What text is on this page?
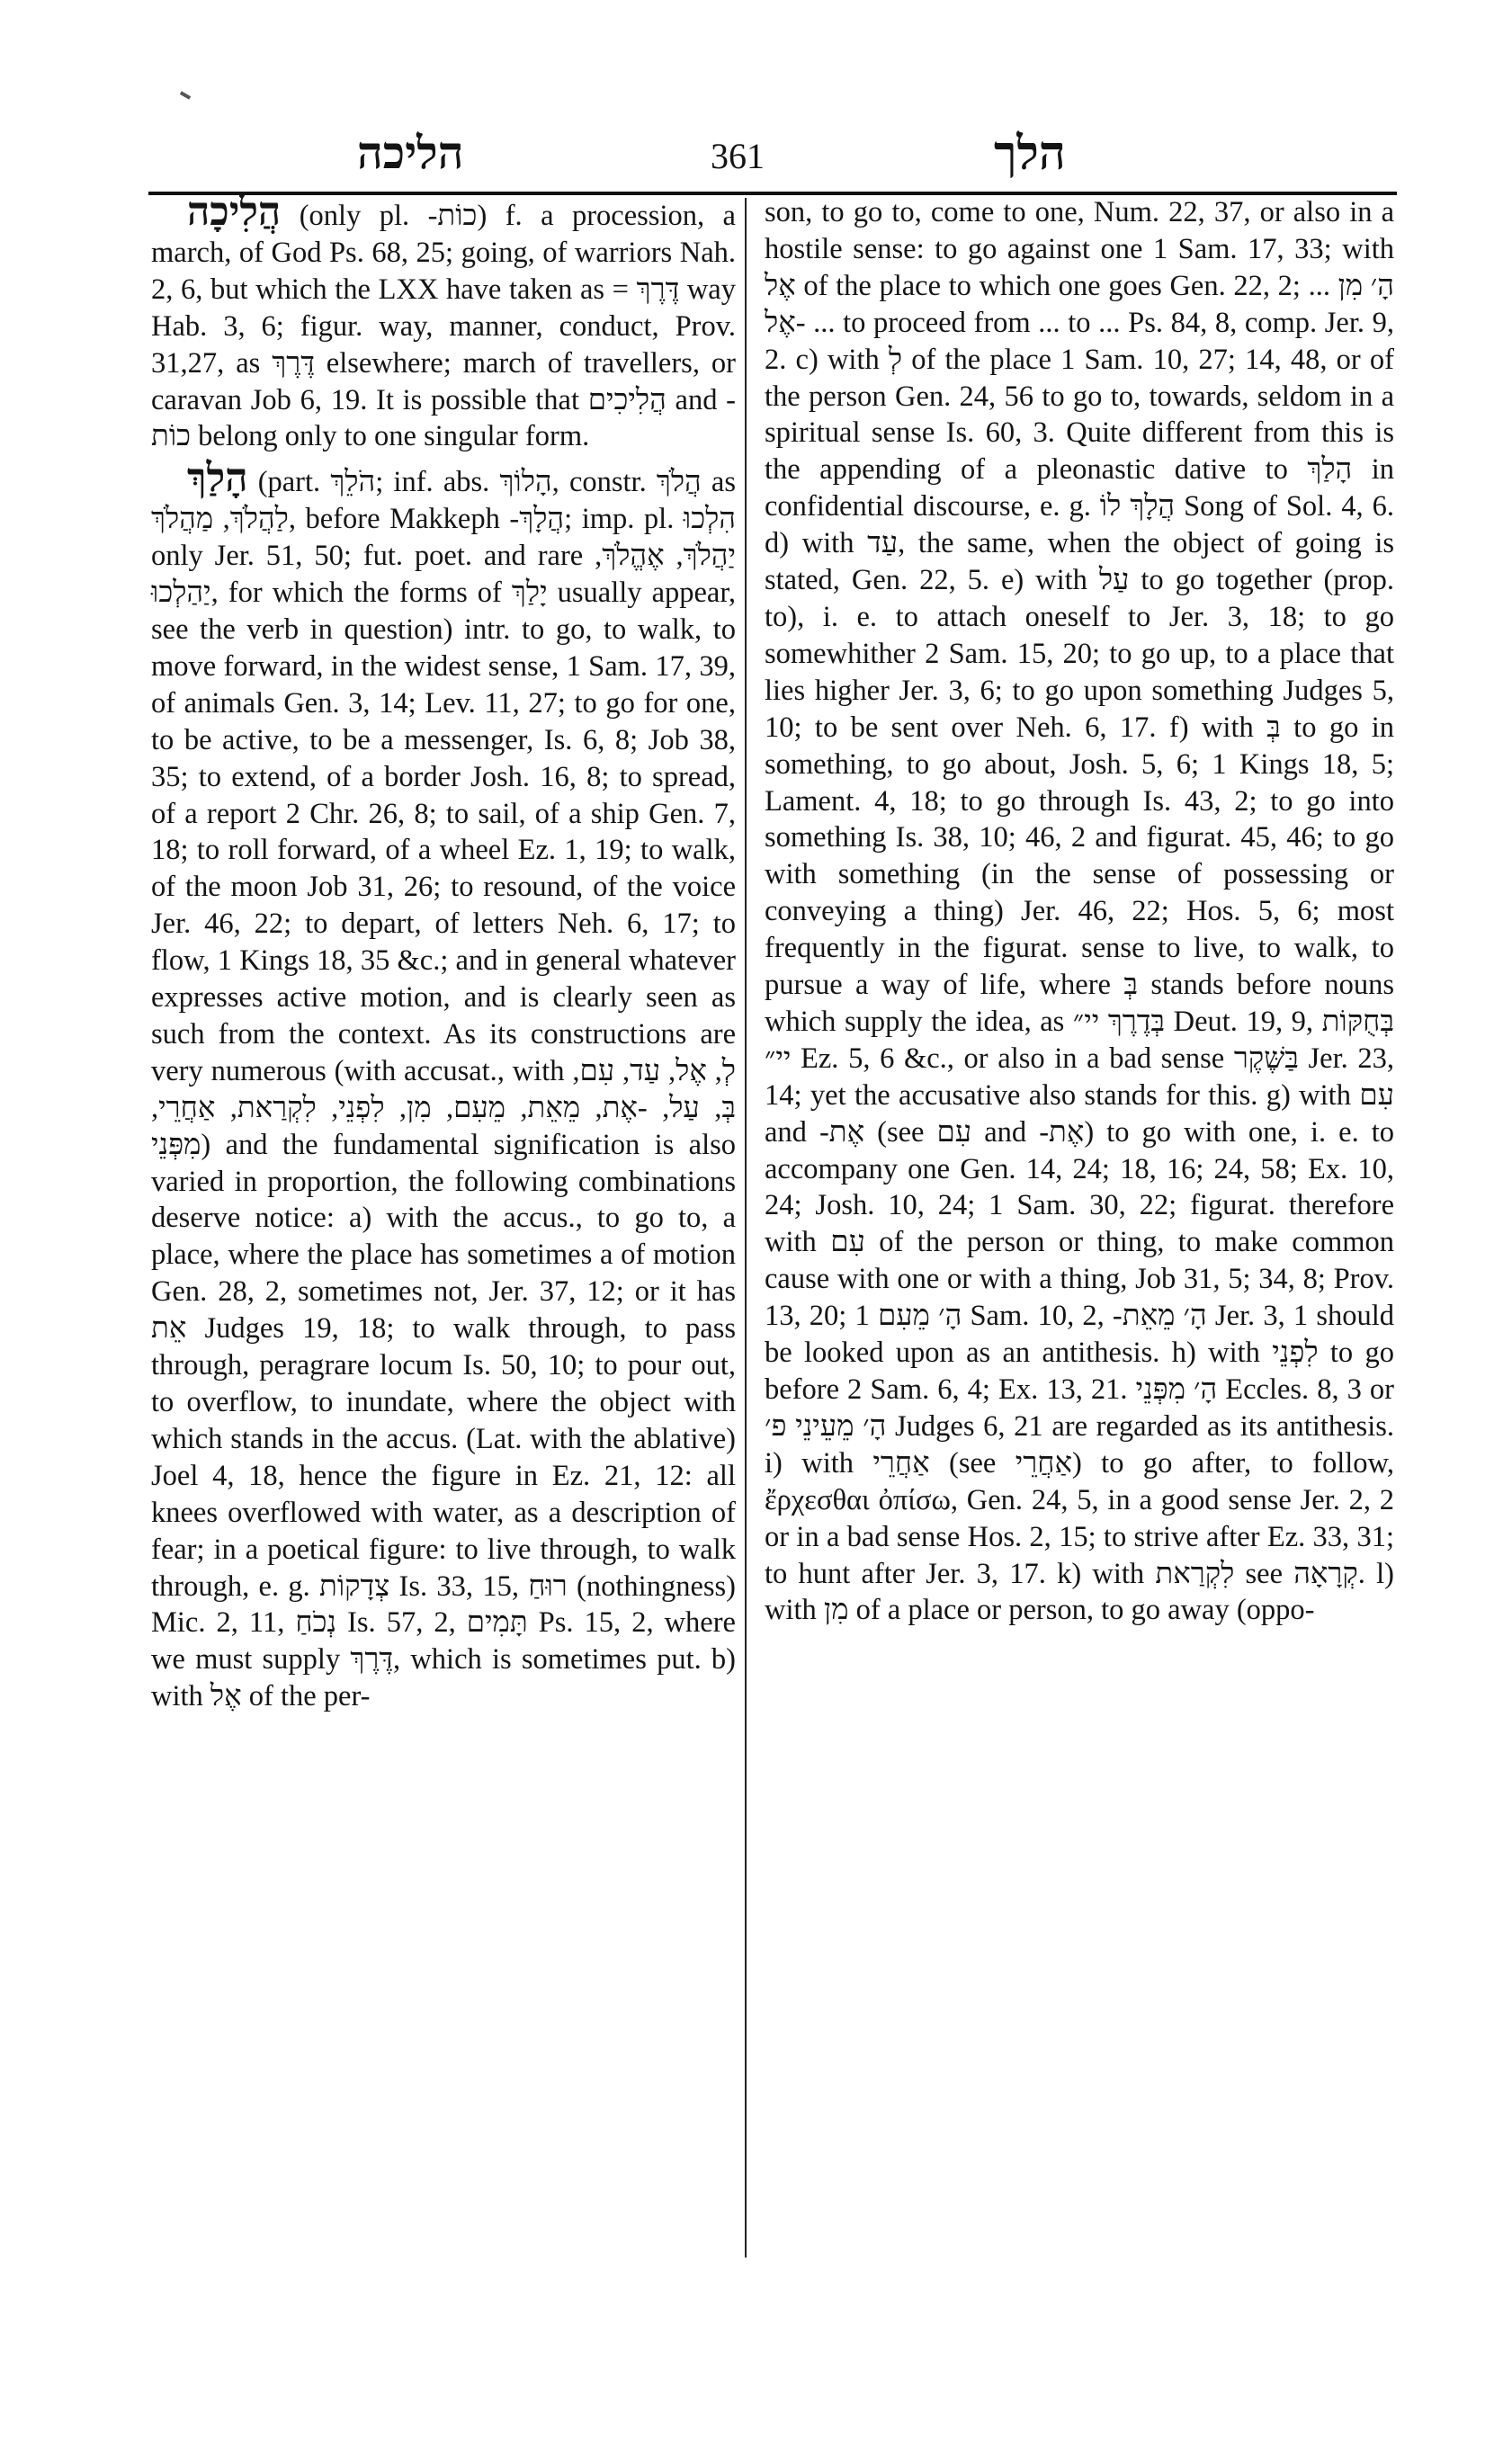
הליכה	361	הלך

הֲלִיכָה (only pl. -כוֹת) f. a procession, a march, of God Ps. 68, 25; going, of warriors Nah. 2, 6, but which the LXX have taken as = דֶּרֶךְ way Hab. 3, 6; figur. way, manner, conduct, Prov. 31,27, as דֶּרֶךְ elsewhere; march of travellers, or caravan Job 6, 19. It is possible that הֲלִיכִים and -כוֹת belong only to one singular form.

הָלַךְ (part. הֹלֵךְ; inf. abs. הָלוֹךְ, constr. הֲלֹךְ as לַהֲלֹךְ, מַהֲלֹךְ, before Makkeph -הֲלָךְ; imp. pl. הִלְכוּ only Jer. 51, 50; fut. poet. and rare יַהֲלֹךְ, אֶהֱלֹךְ, יַהַלְכוּ, for which the forms of יָלַךְ usually appear, see the verb in question) intr. to go, to walk, to move forward, in the widest sense, 1 Sam. 17, 39, of animals Gen. 3, 14; Lev. 11, 27; to go for one, to be active, to be a messenger, Is. 6, 8; Job 38, 35; to extend, of a border Josh. 16, 8; to spread, of a report 2 Chr. 26, 8; to sail, of a ship Gen. 7, 18; to roll forward, of a wheel Ez. 1, 19; to walk, of the moon Job 31, 26; to resound, of the voice Jer. 46, 22; to depart, of letters Neh. 6, 17; to flow, 1 Kings 18, 35 &c.; and in general whatever expresses active motion, and is clearly seen as such from the context. As its constructions are very numerous (with accusat., with לְ, אֶל, עַד, עִם, בְּ, עַל, -אֶת, מֵאֵת, מֵעִם, מִן, לִפְנֵי, לִקְרַאת, אַחֲרֵי, מִפְּנֵי) and the fundamental signification is also varied in proportion, the following combinations deserve notice: a) with the accus., to go to, a place, where the place has sometimes a of motion Gen. 28, 2, sometimes not, Jer. 37, 12; or it has אֵת Judges 19, 18; to walk through, to pass through, peragrare locum Is. 50, 10; to pour out, to overflow, to inundate, where the object with which stands in the accus. (Lat. with the ablative) Joel 4, 18, hence the figure in Ez. 21, 12: all knees overflowed with water, as a description of fear; in a poetical figure: to live through, to walk through, e. g. צְדָקוֹת Is. 33, 15, רוּחַ (nothingness) Mic. 2, 11, נְכֹחַ Is. 57, 2, תָּמִים Ps. 15, 2, where we must supply דֶּרֶךְ, which is sometimes put. b) with אֶל of the per-

son, to go to, come to one, Num. 22, 37, or also in a hostile sense: to go against one 1 Sam. 17, 33; with אֶל of the place to which one goes Gen. 22, 2; ... הָ׳ מִן ... -אֶל to proceed from ... to ... Ps. 84, 8, comp. Jer. 9, 2. c) with לְ of the place 1 Sam. 10, 27; 14, 48, or of the person Gen. 24, 56 to go to, towards, seldom in a spiritual sense Is. 60, 3. Quite different from this is the appending of a pleonastic dative to הָלַךְ in confidential discourse, e. g. הֲלָךְ לוֹ Song of Sol. 4, 6. d) with עַד, the same, when the object of going is stated, Gen. 22, 5. e) with עַל to go together (prop. to), i. e. to attach oneself to Jer. 3, 18; to go somewhither 2 Sam. 15, 20; to go up, to a place that lies higher Jer. 3, 6; to go upon something Judges 5, 10; to be sent over Neh. 6, 17. f) with בְּ to go in something, to go about, Josh. 5, 6; 1 Kings 18, 5; Lament. 4, 18; to go through Is. 43, 2; to go into something Is. 38, 10; 46, 2 and figurat. 45, 46; to go with something (in the sense of possessing or conveying a thing) Jer. 46, 22; Hos. 5, 6; most frequently in the figurat. sense to live, to walk, to pursue a way of life, where בְּ stands before nouns which supply the idea, as בְּדֶרֶךְ יי״ Deut. 19, 9, בְּחֻקּוֹת יי״ Ez. 5, 6 &c., or also in a bad sense בַּשֶּׁקֶר Jer. 23, 14; yet the accusative also stands for this. g) with עִם and -אֶת (see עִם and -אֶת) to go with one, i. e. to accompany one Gen. 14, 24; 18, 16; 24, 58; Ex. 10, 24; Josh. 10, 24; 1 Sam. 30, 22; figurat. therefore with עִם of the person or thing, to make common cause with one or with a thing, Job 31, 5; 34, 8; Prov. 13, 20; הָ׳ מֵעִם 1 Sam. 10, 2, -הָ׳ מֵאֵת Jer. 3, 1 should be looked upon as an antithesis. h) with לִפְנֵי to go before 2 Sam. 6, 4; Ex. 13, 21. הָ׳ מִפְּנֵי Eccles. 8, 3 or הָ׳ מֵעֵינֵי פ׳ Judges 6, 21 are regarded as its antithesis. i) with אַחֲרֵי (see אַחֲרֵי) to go after, to follow, ἔρχεσθαι ὀπίσω, Gen. 24, 5, in a good sense Jer. 2, 2 or in a bad sense Hos. 2, 15; to strive after Ez. 33, 31; to hunt after Jer. 3, 17. k) with לִקְרַאת see קְרָאָה. l) with מִן of a place or person, to go away (oppo-
